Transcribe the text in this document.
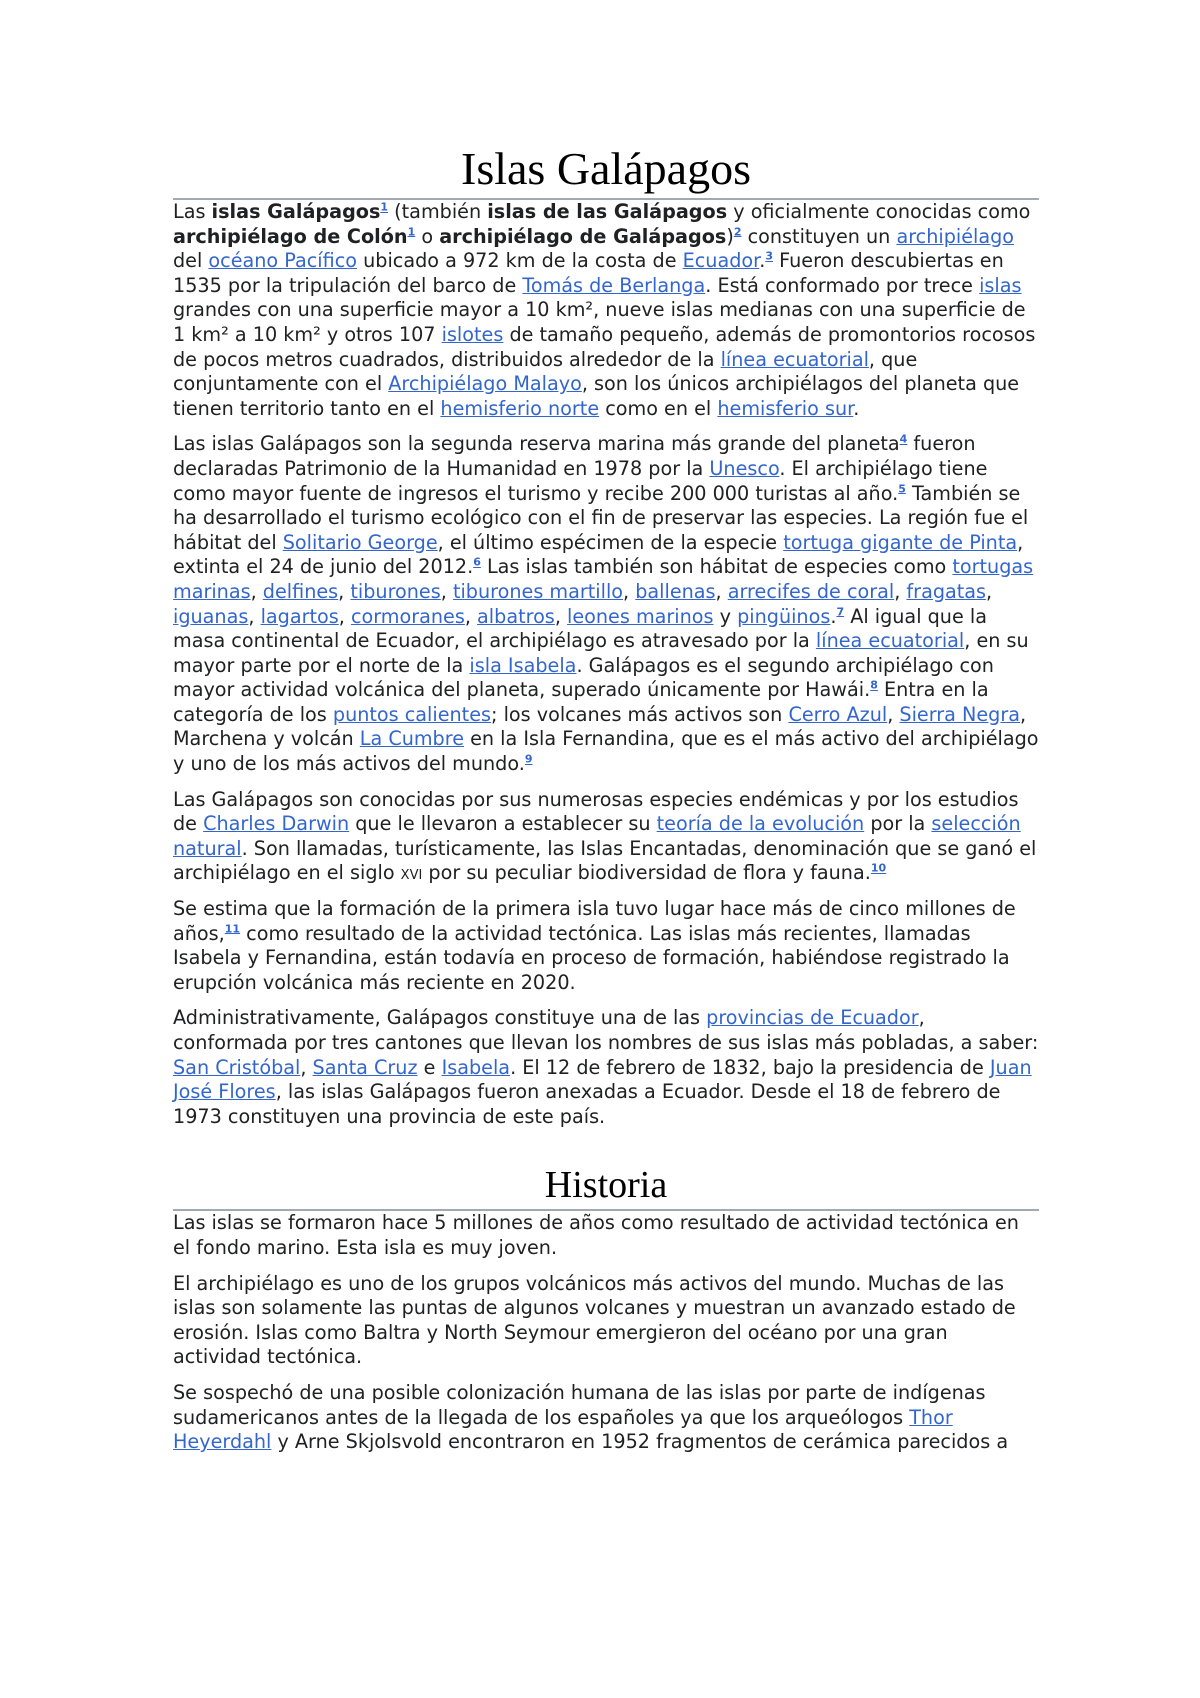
Islas Galápagos

Las islas Galápagos$^1$ (también islas de las Galápagos y oficialmente conocidas como archipiélago de Colón$^1$ o archipiélago de Galápagos)$^2$ constituyen un archipiélago del océano Pacífico ubicado a 972 km de la costa de Ecuador.$^3$ Fueron descubiertas en 1535 por la tripulación del barco de Tomás de Berlanga. Está conformado por trece islas grandes con una superficie mayor a 10 km², nueve islas medianas con una superficie de 1 km² a 10 km² y otros 107 islotes de tamaño pequeño, además de promontorios rocosos de pocos metros cuadrados, distribuidos alrededor de la línea ecuatorial, que conjuntamente con el Archipiélago Malayo, son los únicos archipiélagos del planeta que tienen territorio tanto en el hemisferio norte como en el hemisferio sur.

Las islas Galápagos son la segunda reserva marina más grande del planeta$^4$ fueron declaradas Patrimonio de la Humanidad en 1978 por la Unesco. El archipiélago tiene como mayor fuente de ingresos el turismo y recibe 200 000 turistas al año.$^5$ También se ha desarrollado el turismo ecológico con el fin de preservar las especies. La región fue el hábitat del Solitario George, el último espécimen de la especie tortuga gigante de Pinta, extinta el 24 de junio del 2012.$^6$ Las islas también son hábitat de especies como tortugas marinas, delfines, tiburones, tiburones martillo, ballenas, arrecifes de coral, fragatas, iguanas, lagartos, cormoranes, albatros, leones marinos y pingüinos.$^7$ Al igual que la masa continental de Ecuador, el archipiélago es atravesado por la línea ecuatorial, en su mayor parte por el norte de la isla Isabela. Galápagos es el segundo archipiélago con mayor actividad volcánica del planeta, superado únicamente por Hawái.$^8$ Entra en la categoría de los puntos calientes; los volcanes más activos son Cerro Azul, Sierra Negra, Marchena y volcán La Cumbre en la Isla Fernandina, que es el más activo del archipiélago y uno de los más activos del mundo.$^9$

Las Galápagos son conocidas por sus numerosas especies endémicas y por los estudios de Charles Darwin que le llevaron a establecer su teoría de la evolución por la selección natural. Son llamadas, turísticamente, las Islas Encantadas, denominación que se ganó el archipiélago en el siglo xvi por su peculiar biodiversidad de flora y fauna.$^{10}$

Se estima que la formación de la primera isla tuvo lugar hace más de cinco millones de años,$^{11}$ como resultado de la actividad tectónica. Las islas más recientes, llamadas Isabela y Fernandina, están todavía en proceso de formación, habiéndose registrado la erupción volcánica más reciente en 2020.

Administrativamente, Galápagos constituye una de las provincias de Ecuador, conformada por tres cantones que llevan los nombres de sus islas más pobladas, a saber: San Cristóbal, Santa Cruz e Isabela. El 12 de febrero de 1832, bajo la presidencia de Juan José Flores, las islas Galápagos fueron anexadas a Ecuador. Desde el 18 de febrero de 1973 constituyen una provincia de este país.

Historia

Las islas se formaron hace 5 millones de años como resultado de actividad tectónica en el fondo marino. Esta isla es muy joven.

El archipiélago es uno de los grupos volcánicos más activos del mundo. Muchas de las islas son solamente las puntas de algunos volcanes y muestran un avanzado estado de erosión. Islas como Baltra y North Seymour emergieron del océano por una gran actividad tectónica.

Se sospechó de una posible colonización humana de las islas por parte de indígenas sudamericanos antes de la llegada de los españoles ya que los arqueólogos Thor Heyerdahl y Arne Skjolsvold encontraron en 1952 fragmentos de cerámica parecidos a
